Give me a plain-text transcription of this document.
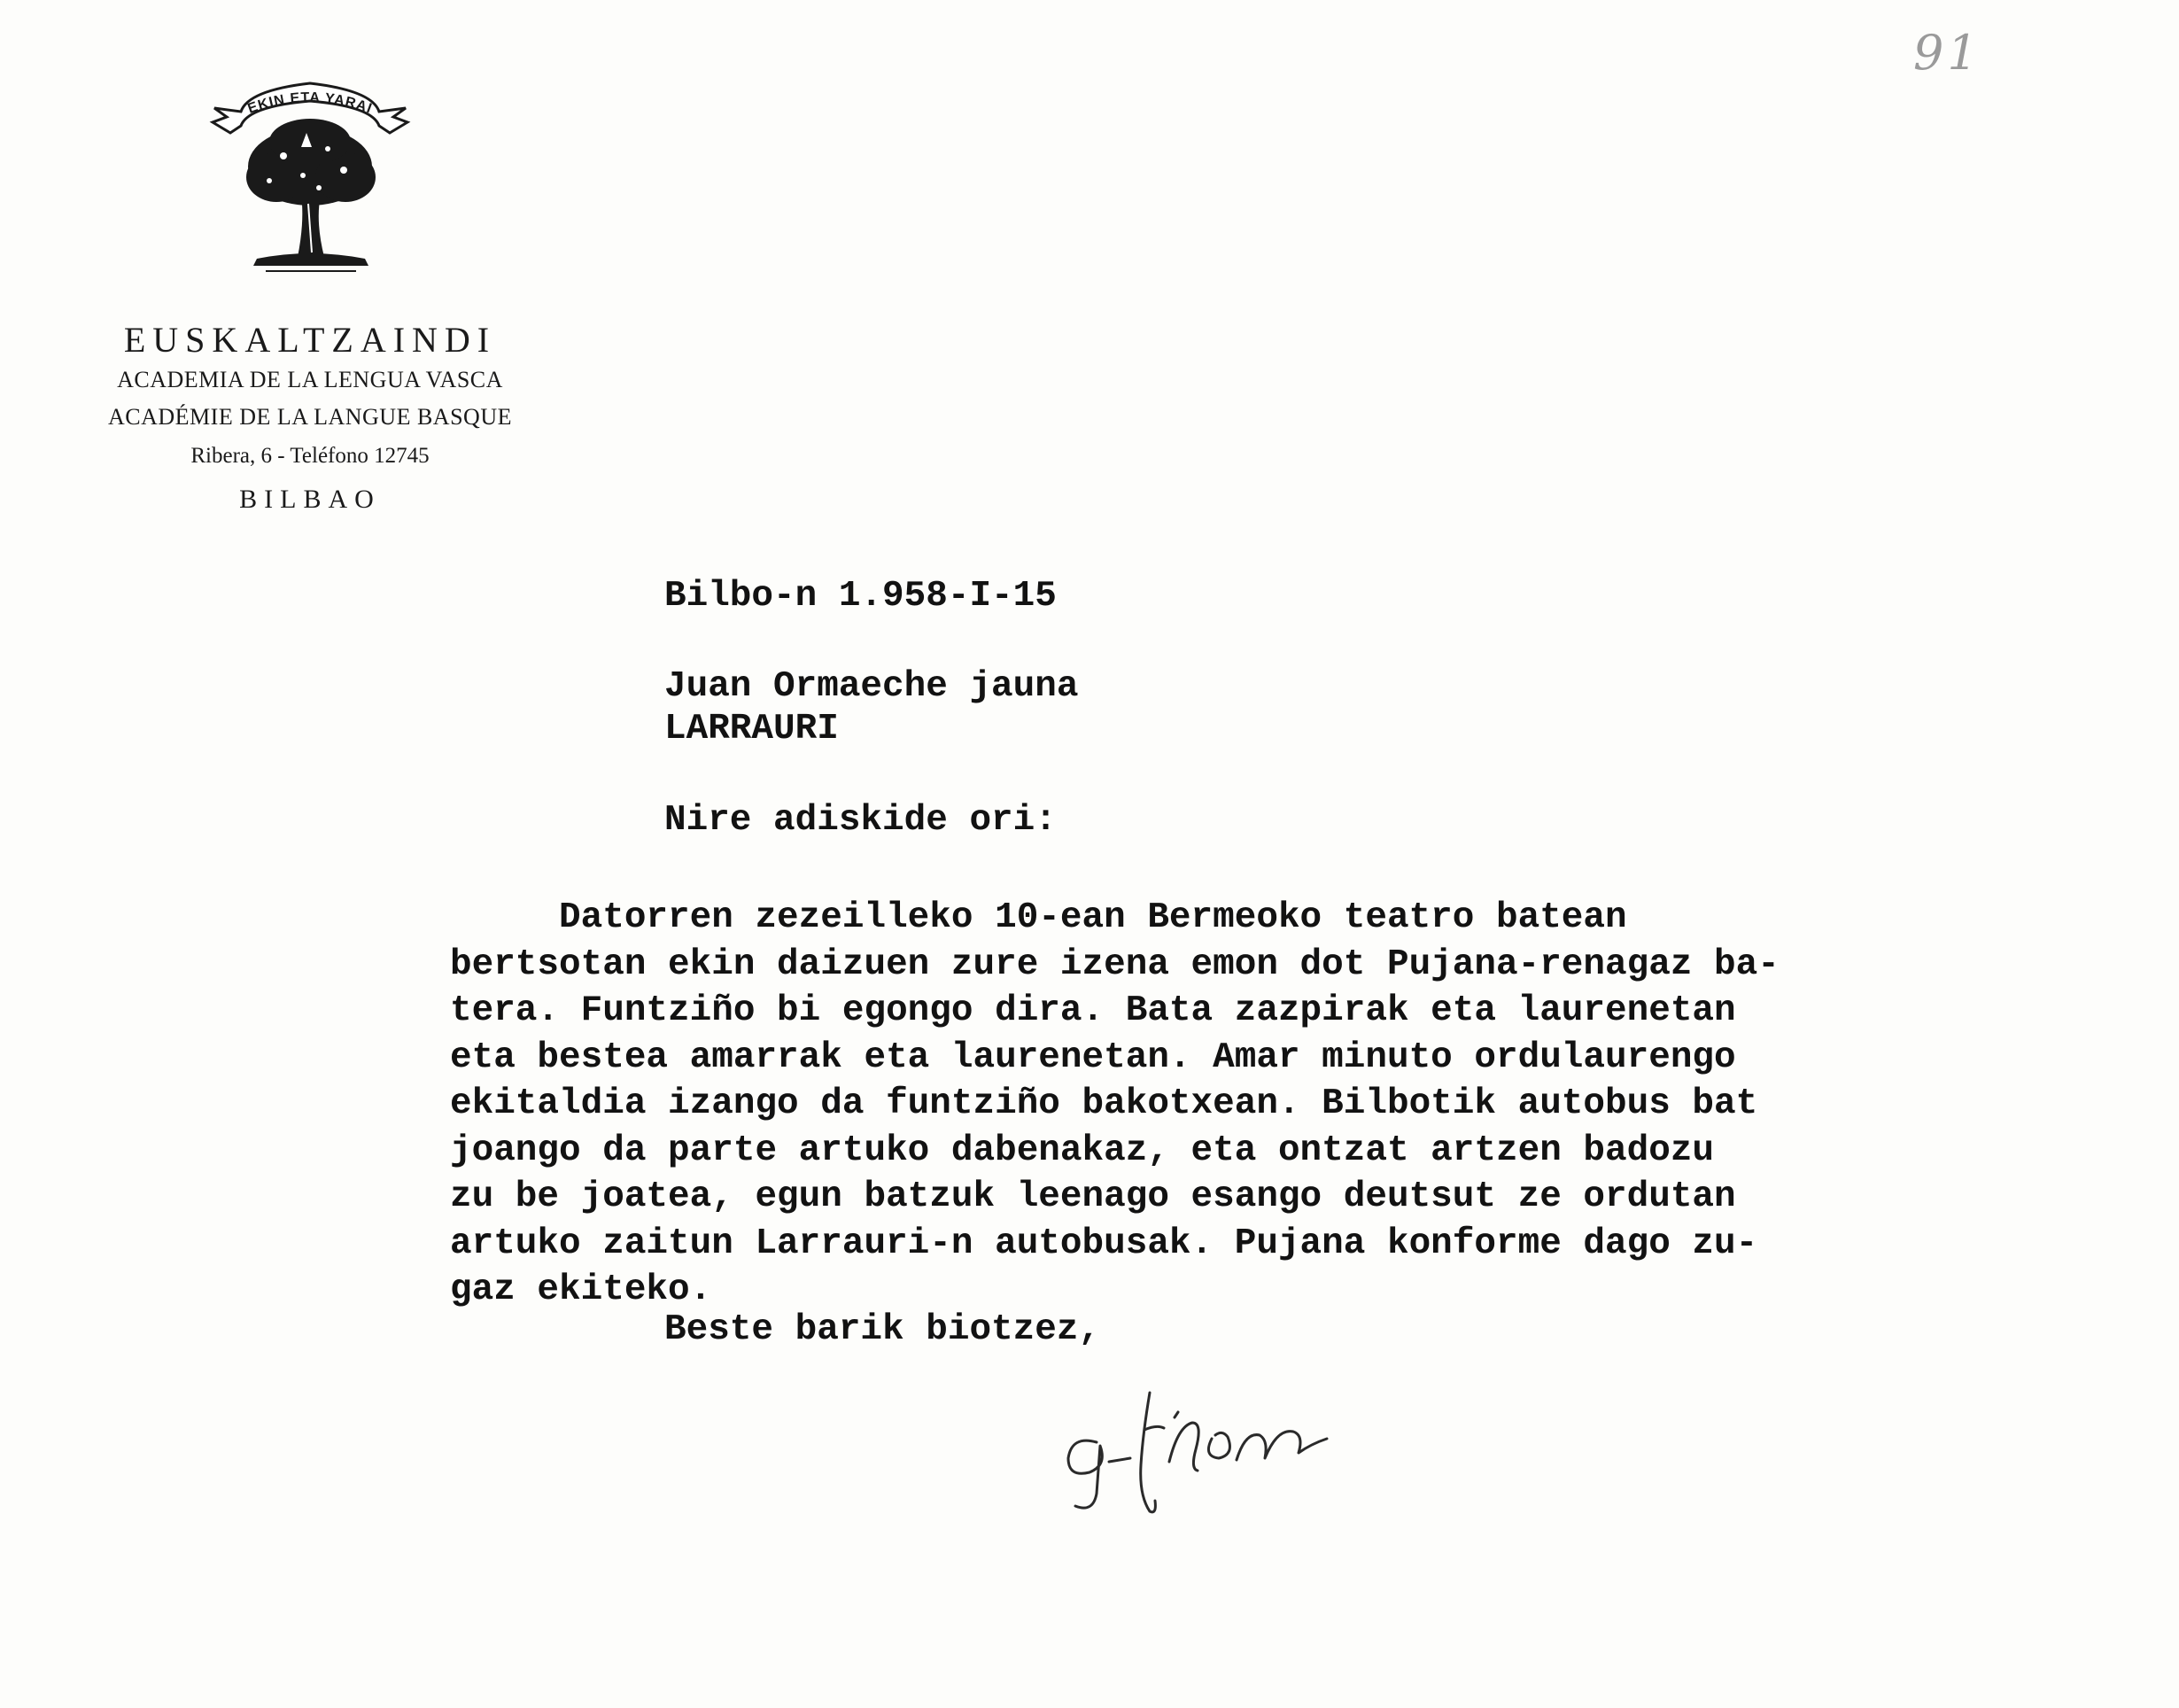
91
EKIN ETA YARAI
EUSKALTZAINDI
ACADEMIA DE LA LENGUA VASCA
ACADÉMIE DE LA LANGUE BASQUE
Ribera, 6 - Teléfono 12745
BILBAO
Bilbo-n 1.958-I-15
Juan Ormaeche jauna
LARRAURI
Nire adiskide ori:
Datorren zezeilleko 10-ean Bermeoko teatro batean
bertsotan ekin daizuen zure izena emon dot Pujana-renagaz ba-
tera. Funtziño bi egongo dira. Bata zazpirak eta laurenetan
eta bestea amarrak eta laurenetan. Amar minuto ordulaurengo
ekitaldia izango da funtziño bakotxean. Bilbotik autobus bat
joango da parte artuko dabenakaz, eta ontzat artzen badozu
zu be joatea, egun batzuk leenago esango deutsut ze ordutan
artuko zaitun Larrauri-n autobusak. Pujana konforme dago zu-
gaz ekiteko.
Beste barik biotzez,
